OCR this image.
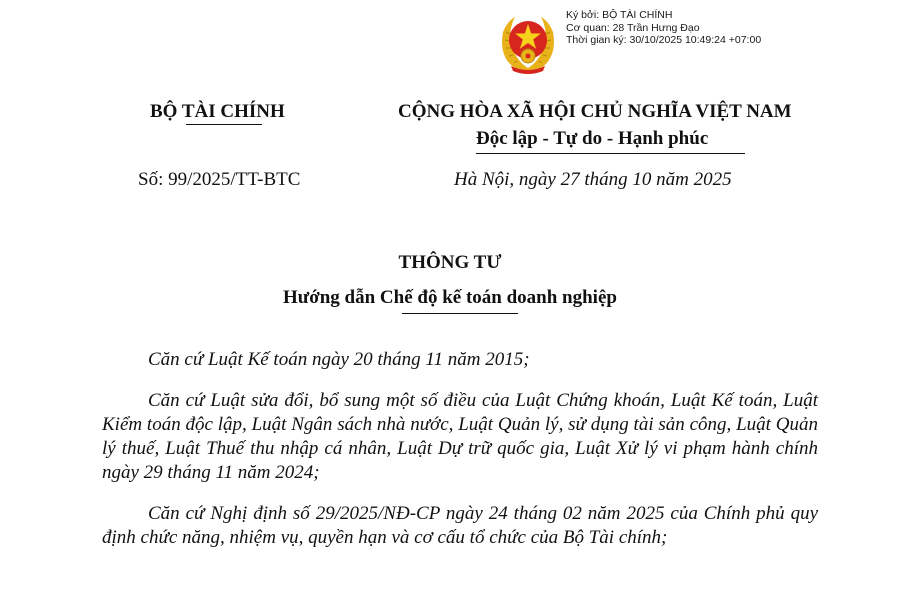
Ký bởi: BỘ TÀI CHÍNH
Cơ quan: 28 Trần Hưng Đạo
Thời gian ký: 30/10/2025 10:49:24 +07:00
BỘ TÀI CHÍNH	CỘNG HÒA XÃ HỘI CHỦ NGHĨA VIỆT NAM
Độc lập - Tự do - Hạnh phúc
Số: 99/2025/TT-BTC	Hà Nội, ngày 27 tháng 10 năm 2025
THÔNG TƯ
Hướng dẫn Chế độ kế toán doanh nghiệp

Căn cứ Luật Kế toán ngày 20 tháng 11 năm 2015;

Căn cứ Luật sửa đổi, bổ sung một số điều của Luật Chứng khoán, Luật Kế toán, Luật Kiểm toán độc lập, Luật Ngân sách nhà nước, Luật Quản lý, sử dụng tài sản công, Luật Quản lý thuế, Luật Thuế thu nhập cá nhân, Luật Dự trữ quốc gia, Luật Xử lý vi phạm hành chính ngày 29 tháng 11 năm 2024;

Căn cứ Nghị định số 29/2025/NĐ-CP ngày 24 tháng 02 năm 2025 của Chính phủ quy định chức năng, nhiệm vụ, quyền hạn và cơ cấu tổ chức của Bộ Tài chính;
